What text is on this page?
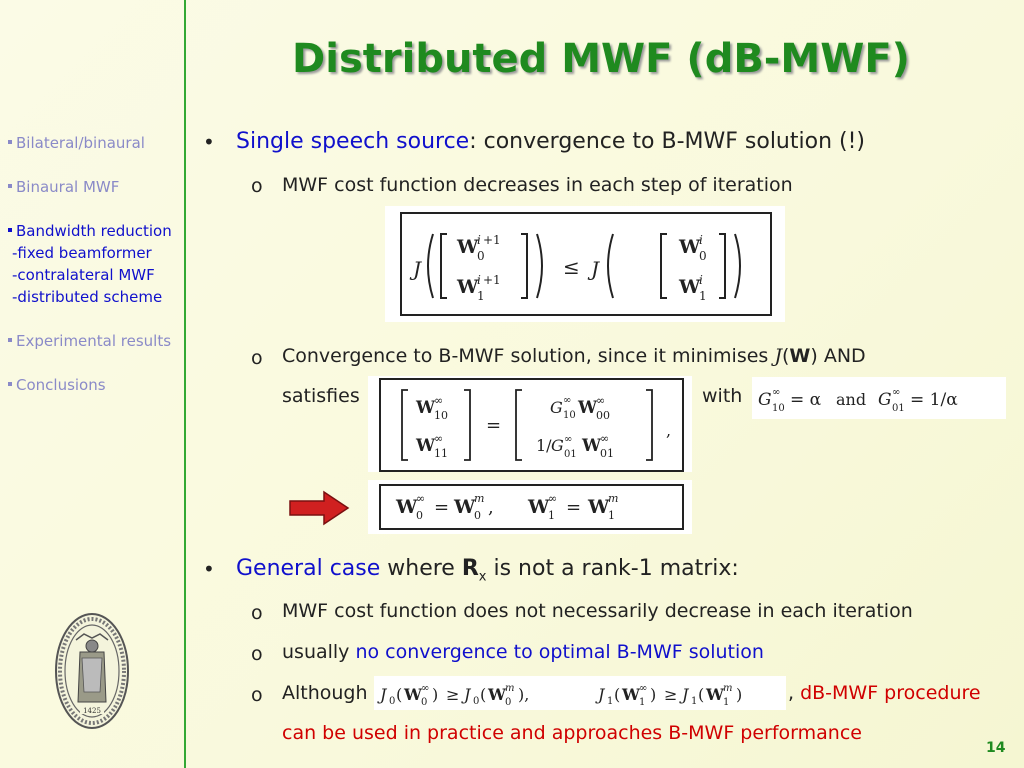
Distributed MWF (dB-MWF)
Bilateral/binaural
Binaural MWF
Bandwidth reduction
-fixed beamformer
-contralateral MWF
-distributed scheme
Experimental results
Conclusions
1425
• Single speech source: convergence to B-MWF solution (!)
o MWF cost function decreases in each step of iteration
J
W
0
i +1
W
1
i +1
≤ J
W
0
i
W
1
i
o Convergence to B-MWF solution, since it minimises J(W) AND
satisfies	with
W
10
∞
W
11
∞
=
G 10
∞ W
00
∞
1/ G 01
∞ W
01
∞	,
G 10
∞ = α and G 01
∞ = 1/α
W
0
∞ = W
0
m , W
1
∞ = W
1
m
• General case where $R_x$ is not a rank-1 matrix:
o MWF cost function does not necessarily decrease in each iteration
o usually no convergence to optimal B-MWF solution
o Although J 0 ( W 0
∞ ) ≥ J 0 ( W 0
m ),	J 1 ( W 1
∞ ) ≥ J 1 ( W 1
m ) , dB-MWF procedure
can be used in practice and approaches B-MWF performance
14
